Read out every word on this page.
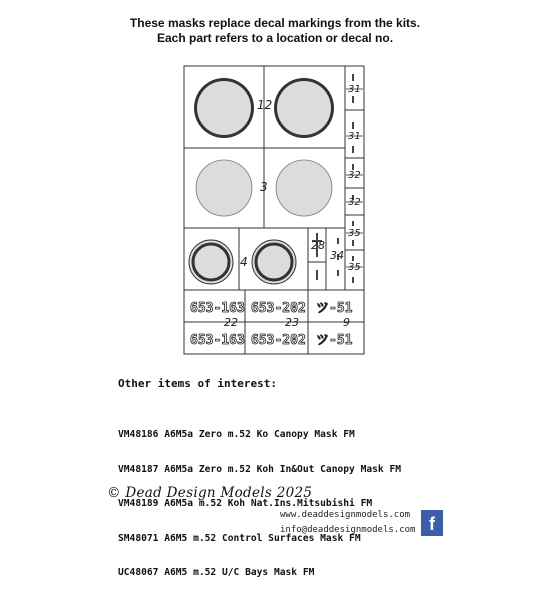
These masks replace decal markings from the kits.
Each part refers to a location or decal no.
12
3
4
28
34
31
31
32
32
35
35
653-163 653-202 ツ-51
653-163 653-202 ツ-51
22	23	9
Other items of interest:

VM48186 A6M5a Zero m.52 Ko Canopy Mask FM

VM48187 A6M5a Zero m.52 Koh In&Out Canopy Mask FM

VM48189 A6M5a m.52 Koh Nat.Ins.Mitsubishi FM

SM48071 A6M5 m.52 Control Surfaces Mask FM

UC48067 A6M5 m.52 U/C Bays Mask FM

© Dead Design Models 2025
www.deaddesignmodels.com
info@deaddesignmodels.com f
